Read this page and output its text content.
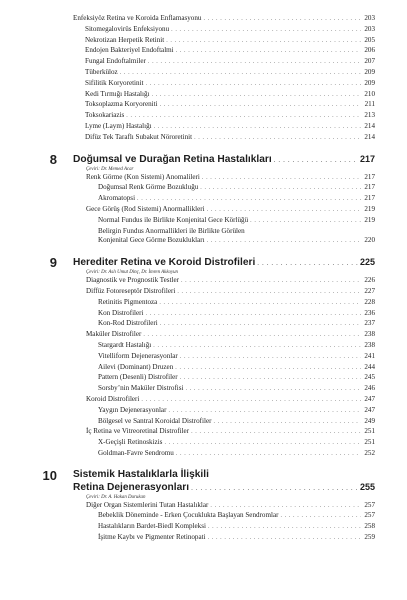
Enfeksiyöz Retina ve Koroida Enflamasyonu . . .	203
Sitomegalovirüs Enfeksiyonu . . .	203
Nekrotizan Herpetik Retinit . . .	205
Endojen Bakteriyel Endoftalmi . . .	206
Fungal Endoftalmiler . . .	207
Tüberküloz . . .	209
Sifilitik Koryoretinit . . .	209
Kedi Tırmığı Hastalığı . . .	210
Toksoplazma Koryoreniti . . .	211
Toksokariazis . . .	213
Lyme (Laym) Hastalığı . . .	214
Difüz Tek Taraflı Subakut Nöroretinit . . .	214
8 Doğumsal ve Durağan Retina Hastalıkları . . .	217
Çeviri: Dr. Memed Acar
Renk Görme (Kon Sistemi) Anomalileri . . .	217
Doğumsal Renk Görme Bozukluğu . . .	217
Akromatopsi . . .	217
Gece Görüş (Rod Sistemi) Anormallikleri . . .	219
Normal Fundus ile Birlikte Konjenital Gece Körlüğü . . .	219
Belirgin Fundus Anormallikleri ile Birlikte Görülen
Konjenital Gece Görme Bozuklukları . . .	220
9 Herediter Retina ve Koroid Distrofileri . . .	225
Çeviri: Dr. Aslı Umut Dinç, Dr. İmren Akkoyun
Diagnostik ve Prognostik Testler . . .	226
Diffüz Fotoreseptör Distrofileri . . .	227
Retinitis Pigmentoza . . .	228
Kon Distrofileri . . .	236
Kon-Rod Distrofileri . . .	237
Maküler Distrofiler . . .	238
Stargardt Hastalığı . . .	238
Vitelliform Dejenerasyonlar . . .	241
Ailevi (Dominant) Druzen . . .	244
Pattern (Desenli) Distrofiler . . .	245
Sorsby’nin Maküler Distrofisi . . .	246
Koroid Distrofileri . . .	247
Yaygın Dejenerasyonlar . . .	247
Bölgesel ve Santral Koroidal Distrofiler . . .	249
İç Retina ve Vitreoretinal Distrofiler . . .	251
X-Geçişli Retinoskizis . . .	251
Goldman-Favre Sendromu . . .	252
10 Sistemik Hastalıklarla İlişkili
Retina Dejenerasyonları . . .	255
Çeviri: Dr. A. Hakan Durukan
Diğer Organ Sistemlerini Tutan Hastalıklar . . .	257
Bebeklik Döneminde - Erken Çocuklukta Başlayan Sendromlar . . .	257
Hastalıkların Bardet-Biedl Kompleksi . . .	258
İşitme Kaybı ve Pigmenter Retinopati . . .	259
